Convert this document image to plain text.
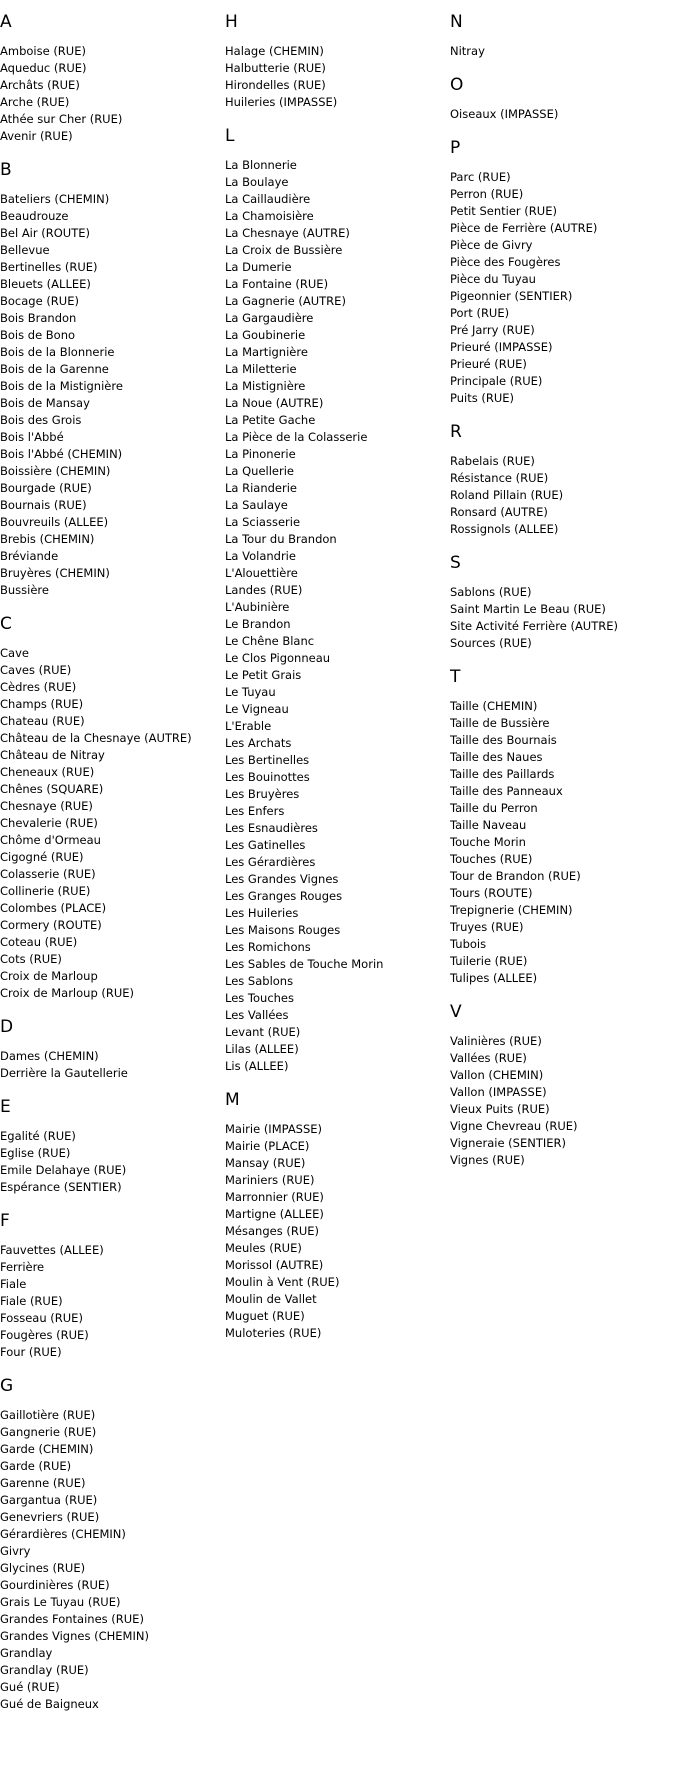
A
Amboise (RUE)
Aqueduc (RUE)
Archâts (RUE)
Arche (RUE)
Athée sur Cher (RUE)
Avenir (RUE)
B
Bateliers (CHEMIN)
Beaudrouze
Bel Air (ROUTE)
Bellevue
Bertinelles (RUE)
Bleuets (ALLEE)
Bocage (RUE)
Bois Brandon
Bois de Bono
Bois de la Blonnerie
Bois de la Garenne
Bois de la Mistignière
Bois de Mansay
Bois des Grois
Bois l'Abbé
Bois l'Abbé (CHEMIN)
Boissière (CHEMIN)
Bourgade (RUE)
Bournais (RUE)
Bouvreuils (ALLEE)
Brebis (CHEMIN)
Bréviande
Bruyères (CHEMIN)
Bussière
C
Cave
Caves (RUE)
Cèdres (RUE)
Champs (RUE)
Chateau (RUE)
Château de la Chesnaye (AUTRE)
Château de Nitray
Cheneaux (RUE)
Chênes (SQUARE)
Chesnaye (RUE)
Chevalerie (RUE)
Chôme d'Ormeau
Cigogné (RUE)
Colasserie (RUE)
Collinerie (RUE)
Colombes (PLACE)
Cormery (ROUTE)
Coteau (RUE)
Cots (RUE)
Croix de Marloup
Croix de Marloup (RUE)
D
Dames (CHEMIN)
Derrière la Gautellerie
E
Egalité (RUE)
Eglise (RUE)
Emile Delahaye (RUE)
Espérance (SENTIER)
F
Fauvettes (ALLEE)
Ferrière
Fiale
Fiale (RUE)
Fosseau (RUE)
Fougères (RUE)
Four (RUE)
G
Gaillotière (RUE)
Gangnerie (RUE)
Garde (CHEMIN)
Garde (RUE)
Garenne (RUE)
Gargantua (RUE)
Genevriers (RUE)
Gérardières (CHEMIN)
Givry
Glycines (RUE)
Gourdinières (RUE)
Grais Le Tuyau (RUE)
Grandes Fontaines (RUE)
Grandes Vignes (CHEMIN)
Grandlay
Grandlay (RUE)
Gué (RUE)
Gué de Baigneux
H
Halage (CHEMIN)
Halbutterie (RUE)
Hirondelles (RUE)
Huileries (IMPASSE)
L
La Blonnerie
La Boulaye
La Caillaudière
La Chamoisière
La Chesnaye (AUTRE)
La Croix de Bussière
La Dumerie
La Fontaine (RUE)
La Gagnerie (AUTRE)
La Gargaudière
La Goubinerie
La Martignière
La Miletterie
La Mistignière
La Noue (AUTRE)
La Petite Gache
La Pièce de la Colasserie
La Pinonerie
La Quellerie
La Rianderie
La Saulaye
La Sciasserie
La Tour du Brandon
La Volandrie
L'Alouettière
Landes (RUE)
L'Aubinière
Le Brandon
Le Chêne Blanc
Le Clos Pigonneau
Le Petit Grais
Le Tuyau
Le Vigneau
L'Erable
Les Archats
Les Bertinelles
Les Bouinottes
Les Bruyères
Les Enfers
Les Esnaudières
Les Gatinelles
Les Gérardières
Les Grandes Vignes
Les Granges Rouges
Les Huileries
Les Maisons Rouges
Les Romichons
Les Sables de Touche Morin
Les Sablons
Les Touches
Les Vallées
Levant (RUE)
Lilas (ALLEE)
Lis (ALLEE)
M
Mairie (IMPASSE)
Mairie (PLACE)
Mansay (RUE)
Mariniers (RUE)
Marronnier (RUE)
Martigne (ALLEE)
Mésanges (RUE)
Meules (RUE)
Morissol (AUTRE)
Moulin à Vent (RUE)
Moulin de Vallet
Muguet (RUE)
Muloteries (RUE)
N
Nitray
O
Oiseaux (IMPASSE)
P
Parc (RUE)
Perron (RUE)
Petit Sentier (RUE)
Pièce de Ferrière (AUTRE)
Pièce de Givry
Pièce des Fougères
Pièce du Tuyau
Pigeonnier (SENTIER)
Port (RUE)
Pré Jarry (RUE)
Prieuré (IMPASSE)
Prieuré (RUE)
Principale (RUE)
Puits (RUE)
R
Rabelais (RUE)
Résistance (RUE)
Roland Pillain (RUE)
Ronsard (AUTRE)
Rossignols (ALLEE)
S
Sablons (RUE)
Saint Martin Le Beau (RUE)
Site Activité Ferrière (AUTRE)
Sources (RUE)
T
Taille (CHEMIN)
Taille de Bussière
Taille des Bournais
Taille des Naues
Taille des Paillards
Taille des Panneaux
Taille du Perron
Taille Naveau
Touche Morin
Touches (RUE)
Tour de Brandon (RUE)
Tours (ROUTE)
Trepignerie (CHEMIN)
Truyes (RUE)
Tubois
Tuilerie (RUE)
Tulipes (ALLEE)
V
Valinières (RUE)
Vallées (RUE)
Vallon (CHEMIN)
Vallon (IMPASSE)
Vieux Puits (RUE)
Vigne Chevreau (RUE)
Vigneraie (SENTIER)
Vignes (RUE)
